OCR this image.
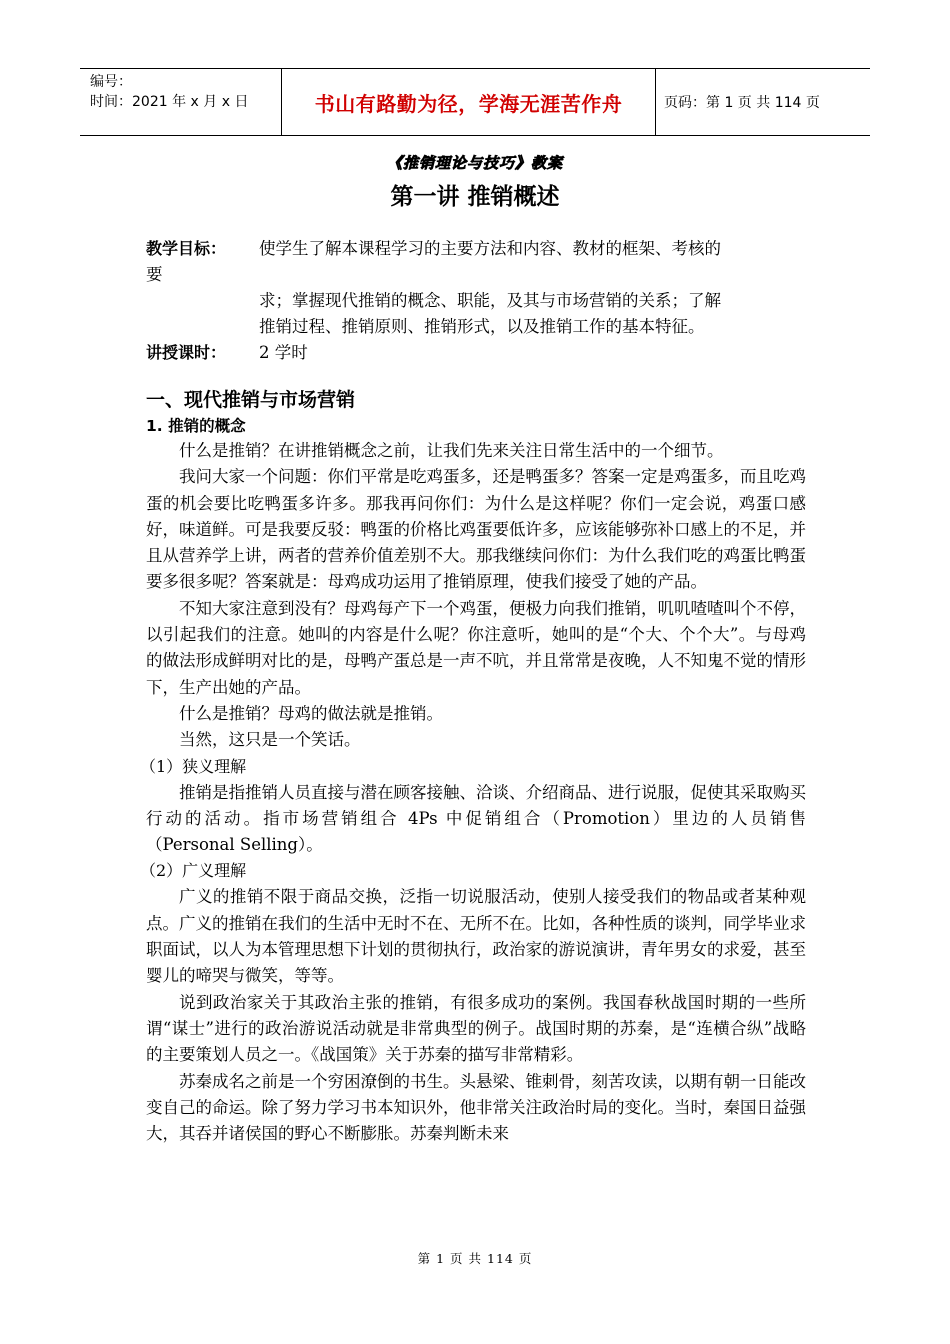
编号：
时间：2021 年 x 月 x 日	书山有路勤为径，学海无涯苦作舟	页码：第 1 页 共 114 页
《推销理论与技巧》教案
第一讲 推销概述
教学目标：	使学生了解本课程学习的主要方法和内容、教材的框架、考核的
要
求；掌握现代推销的概念、职能，及其与市场营销的关系；了解
推销过程、推销原则、推销形式，以及推销工作的基本特征。
讲授课时：	2 学时
一、现代推销与市场营销
1. 推销的概念

什么是推销？在讲推销概念之前，让我们先来关注日常生活中的一个细节。

我问大家一个问题：你们平常是吃鸡蛋多，还是鸭蛋多？答案一定是鸡蛋多，而且吃鸡蛋的机会要比吃鸭蛋多许多。那我再问你们：为什么是这样呢？你们一定会说，鸡蛋口感好，味道鲜。可是我要反驳：鸭蛋的价格比鸡蛋要低许多，应该能够弥补口感上的不足，并且从营养学上讲，两者的营养价值差别不大。那我继续问你们：为什么我们吃的鸡蛋比鸭蛋要多很多呢？答案就是：母鸡成功运用了推销原理，使我们接受了她的产品。

不知大家注意到没有？母鸡每产下一个鸡蛋，便极力向我们推销，叽叽喳喳叫个不停，以引起我们的注意。她叫的内容是什么呢？你注意听，她叫的是“个大、个个大”。与母鸡的做法形成鲜明对比的是，母鸭产蛋总是一声不吭，并且常常是夜晚，人不知鬼不觉的情形下，生产出她的产品。

什么是推销？母鸡的做法就是推销。

当然，这只是一个笑话。

（1）狭义理解

推销是指推销人员直接与潜在顾客接触、洽谈、介绍商品、进行说服，促使其采取购买行动的活动。指市场营销组合 4Ps 中促销组合（Promotion）里边的人员销售（Personal Selling）。

（2）广义理解

广义的推销不限于商品交换，泛指一切说服活动，使别人接受我们的物品或者某种观点。广义的推销在我们的生活中无时不在、无所不在。比如，各种性质的谈判，同学毕业求职面试，以人为本管理思想下计划的贯彻执行，政治家的游说演讲，青年男女的求爱，甚至婴儿的啼哭与微笑，等等。

说到政治家关于其政治主张的推销，有很多成功的案例。我国春秋战国时期的一些所谓“谋士”进行的政治游说活动就是非常典型的例子。战国时期的苏秦，是“连横合纵”战略的主要策划人员之一。《战国策》关于苏秦的描写非常精彩。

苏秦成名之前是一个穷困潦倒的书生。头悬梁、锥刺骨，刻苦攻读，以期有朝一日能改变自己的命运。除了努力学习书本知识外，他非常关注政治时局的变化。当时，秦国日益强大，其吞并诸侯国的野心不断膨胀。苏秦判断未来

第 1 页 共 114 页
